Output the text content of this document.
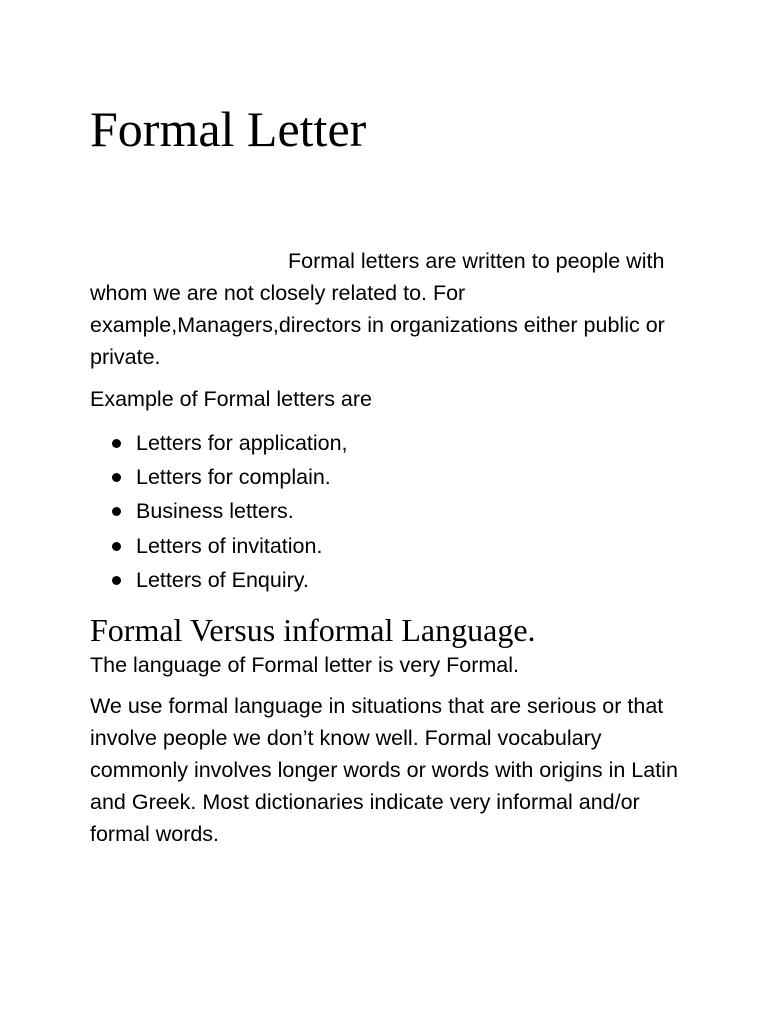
Formal Letter

Formal letters are written to people with whom we are not closely related to. For example,Managers,directors in organizations either public or private.

Example of Formal letters are

Letters for application,
Letters for complain.
Business letters.
Letters of invitation.
Letters of Enquiry.
Formal Versus informal Language.

The language of Formal letter is very Formal.

We use formal language in situations that are serious or that involve people we don’t know well. Formal vocabulary commonly involves longer words or words with origins in Latin and Greek. Most dictionaries indicate very informal and/or formal words.
